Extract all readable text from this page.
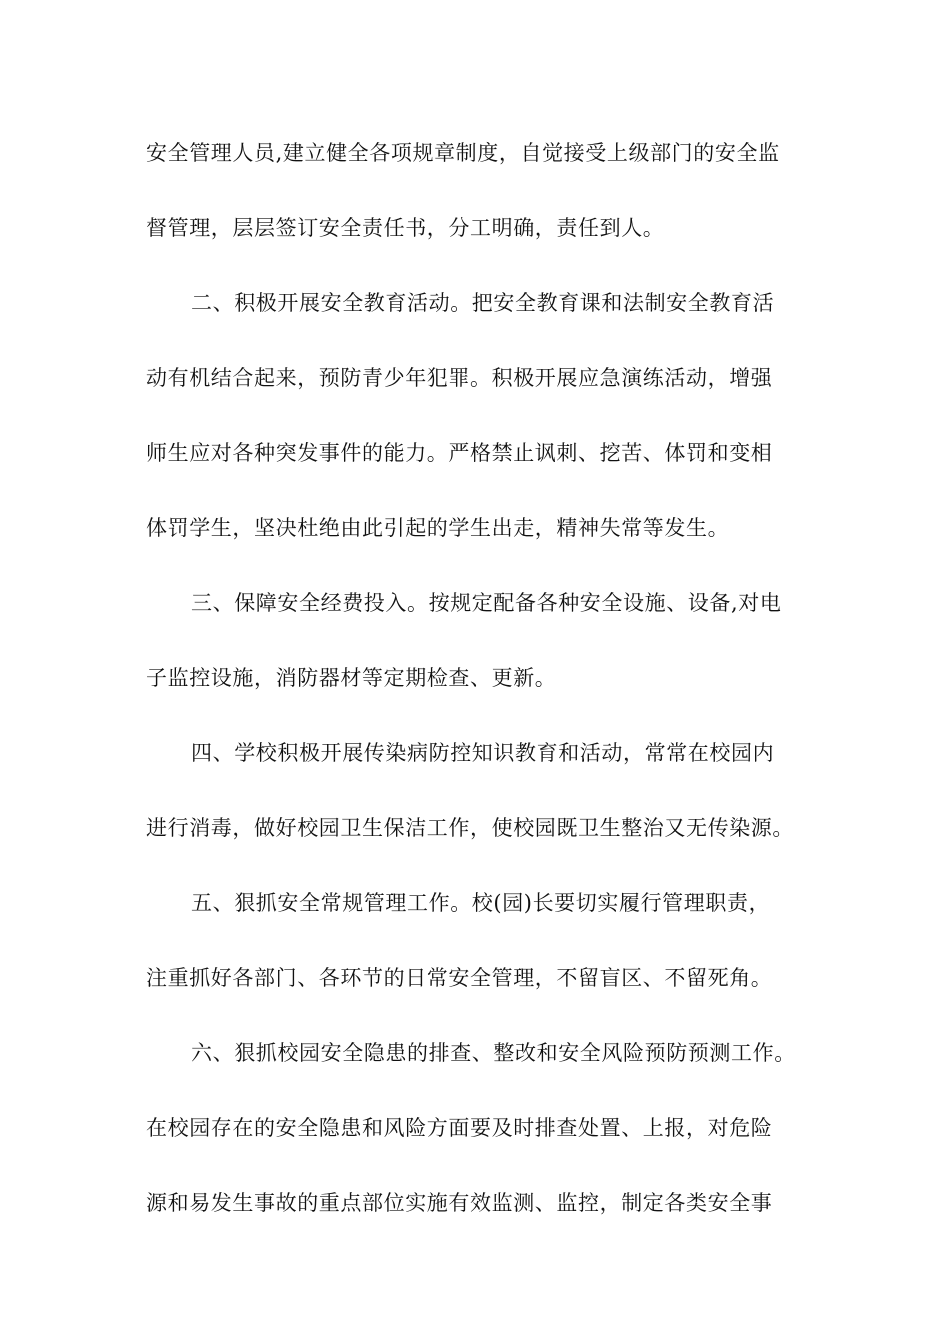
安全管理人员,建立健全各项规章制度，自觉接受上级部门的安全监
督管理，层层签订安全责任书，分工明确，责任到人。
二、积极开展安全教育活动。把安全教育课和法制安全教育活
动有机结合起来，预防青少年犯罪。积极开展应急演练活动，增强
师生应对各种突发事件的能力。严格禁止讽刺、挖苦、体罚和变相
体罚学生，坚决杜绝由此引起的学生出走，精神失常等发生。
三、保障安全经费投入。按规定配备各种安全设施、设备,对电
子监控设施，消防器材等定期检查、更新。
四、学校积极开展传染病防控知识教育和活动，常常在校园内
进行消毒，做好校园卫生保洁工作，使校园既卫生整治又无传染源。
五、狠抓安全常规管理工作。校(园)长要切实履行管理职责，
注重抓好各部门、各环节的日常安全管理，不留盲区、不留死角。
六、狠抓校园安全隐患的排查、整改和安全风险预防预测工作。
在校园存在的安全隐患和风险方面要及时排查处置、上报，对危险
源和易发生事故的重点部位实施有效监测、监控，制定各类安全事
